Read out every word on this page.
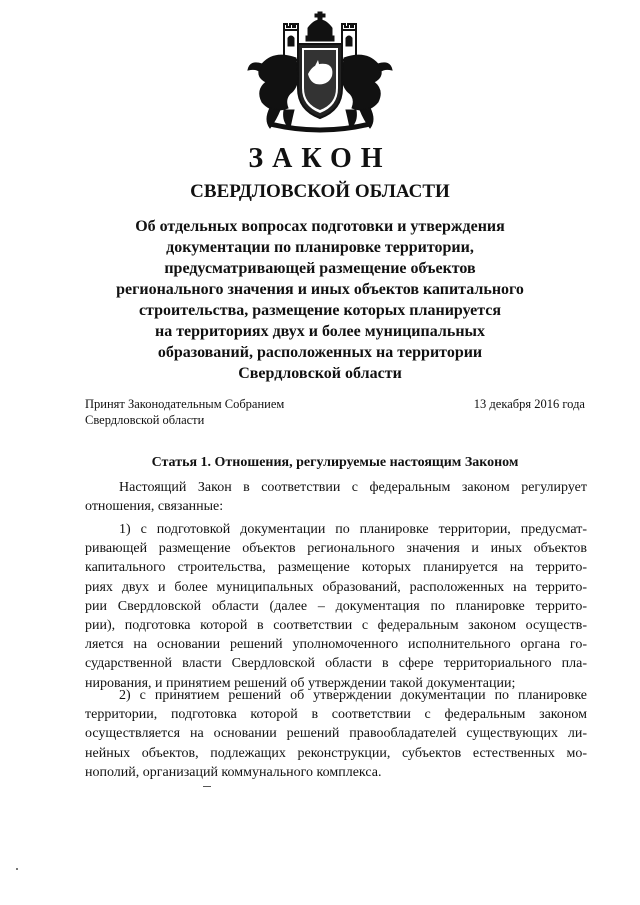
ЗАКОН
СВЕРДЛОВСКОЙ ОБЛАСТИ
Об отдельных вопросах подготовки и утверждения
документации по планировке территории,
предусматривающей размещение объектов
регионального значения и иных объектов капитального
строительства, размещение которых планируется
на территориях двух и более муниципальных
образований, расположенных на территории
Свердловской области
Принят Законодательным Собранием
Свердловской области
13 декабря 2016 года
Статья 1. Отношения, регулируемые настоящим Законом
Настоящий Закон в соответствии с федеральным законом регулирует
отношения, связанные:
1) с подготовкой документации по планировке территории, предусмат-
ривающей размещение объектов регионального значения и иных объектов
капитального строительства, размещение которых планируется на террито-
риях двух и более муниципальных образований, расположенных на террито-
рии Свердловской области (далее – документация по планировке террито-
рии), подготовка которой в соответствии с федеральным законом осуществ-
ляется на основании решений уполномоченного исполнительного органа го-
сударственной власти Свердловской области в сфере территориального пла-
нирования, и принятием решений об утверждении такой документации;
2) с принятием решений об утверждении документации по планировке
территории, подготовка которой в соответствии с федеральным законом
осуществляется на основании решений правообладателей существующих ли-
нейных объектов, подлежащих реконструкции, субъектов естественных мо-
нополий, организаций коммунального комплекса.
